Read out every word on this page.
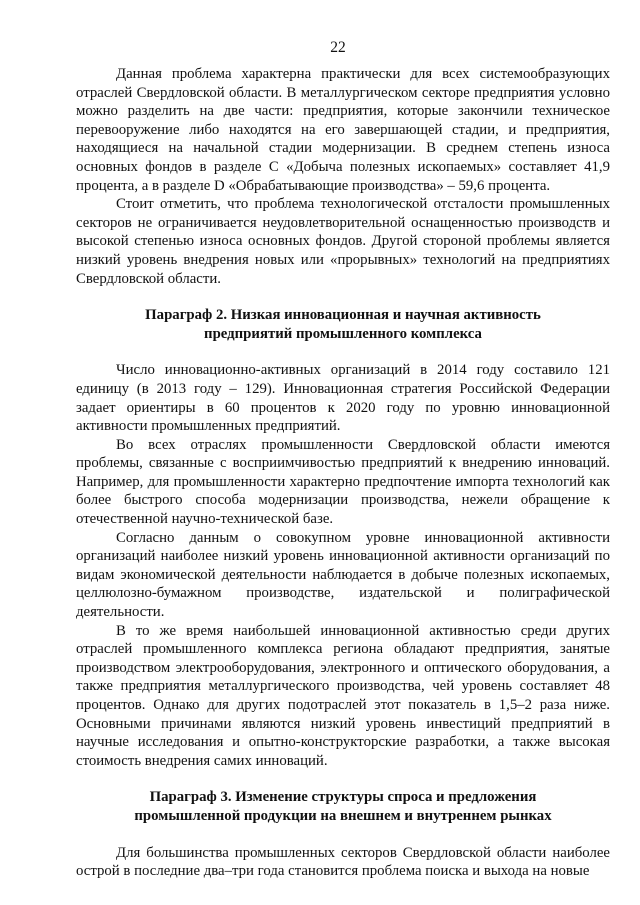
22

Данная проблема характерна практически для всех системообразующих отраслей Свердловской области. В металлургическом секторе предприятия условно можно разделить на две части: предприятия, которые закончили техническое перевооружение либо находятся на его завершающей стадии, и предприятия, находящиеся на начальной стадии модернизации. В среднем степень износа основных фондов в разделе С «Добыча полезных ископаемых» составляет 41,9 процента, а в разделе D «Обрабатывающие производства» – 59,6 процента.

Стоит отметить, что проблема технологической отсталости промышленных секторов не ограничивается неудовлетворительной оснащенностью производств и высокой степенью износа основных фондов. Другой стороной проблемы является низкий уровень внедрения новых или «прорывных» технологий на предприятиях Свердловской области.

Параграф 2. Низкая инновационная и научная активность
предприятий промышленного комплекса

Число инновационно-активных организаций в 2014 году составило 121 единицу (в 2013 году – 129). Инновационная стратегия Российской Федерации задает ориентиры в 60 процентов к 2020 году по уровню инновационной активности промышленных предприятий.

Во всех отраслях промышленности Свердловской области имеются проблемы, связанные с восприимчивостью предприятий к внедрению инноваций. Например, для промышленности характерно предпочтение импорта технологий как более быстрого способа модернизации производства, нежели обращение к отечественной научно-технической базе.

Согласно данным о совокупном уровне инновационной активности организаций наиболее низкий уровень инновационной активности организаций по видам экономической деятельности наблюдается в добыче полезных ископаемых, целлюлозно-бумажном производстве, издательской и полиграфической деятельности.

В то же время наибольшей инновационной активностью среди других отраслей промышленного комплекса региона обладают предприятия, занятые производством электрооборудования, электронного и оптического оборудования, а также предприятия металлургического производства, чей уровень составляет 48 процентов. Однако для других подотраслей этот показатель в 1,5–2 раза ниже. Основными причинами являются низкий уровень инвестиций предприятий в научные исследования и опытно-конструкторские разработки, а также высокая стоимость внедрения самих инноваций.

Параграф 3. Изменение структуры спроса и предложения
промышленной продукции на внешнем и внутреннем рынках

Для большинства промышленных секторов Свердловской области наиболее острой в последние два–три года становится проблема поиска и выхода на новые
